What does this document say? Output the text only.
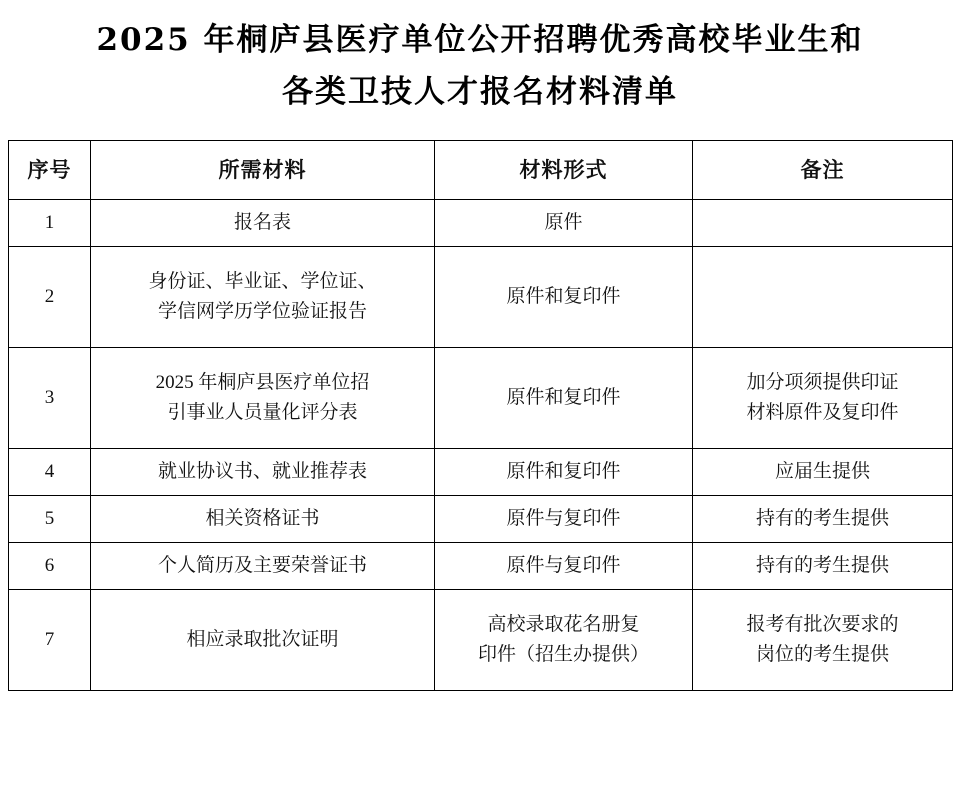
2025 年桐庐县医疗单位公开招聘优秀高校毕业生和
各类卫技人才报名材料清单
序号	所需材料	材料形式	备注
1	报名表	原件	

2	身份证、毕业证、学位证、
学信网学历学位验证报告	原件和复印件	

3	2025 年桐庐县医疗单位招
引事业人员量化评分表	原件和复印件	加分项须提供印证
材料原件及复印件

4	就业协议书、就业推荐表	原件和复印件	应届生提供

5	相关资格证书	原件与复印件	持有的考生提供

6	个人简历及主要荣誉证书	原件与复印件	持有的考生提供

7	相应录取批次证明	高校录取花名册复
印件（招生办提供）	报考有批次要求的
岗位的考生提供
